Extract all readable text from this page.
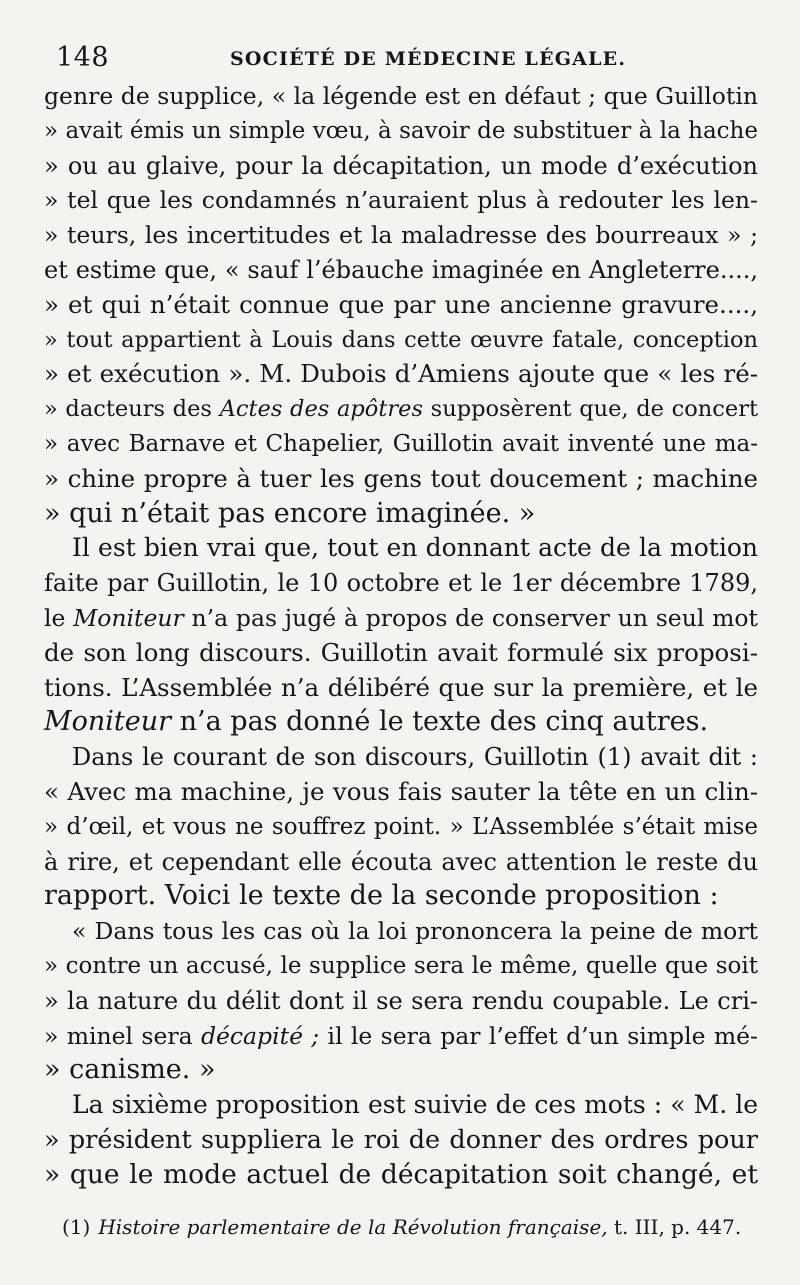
148	SOCIÉTÉ DE MÉDECINE LÉGALE.
genre de supplice, « la légende est en défaut ; que Guillotin
» avait émis un simple vœu, à savoir de substituer à la hache
» ou au glaive, pour la décapitation, un mode d’exécution
» tel que les condamnés n’auraient plus à redouter les len-
» teurs, les incertitudes et la maladresse des bourreaux » ;
et estime que, « sauf l’ébauche imaginée en Angleterre....,
» et qui n’était connue que par une ancienne gravure....,
» tout appartient à Louis dans cette œuvre fatale, conception
» et exécution ». M. Dubois d’Amiens ajoute que « les ré-
» dacteurs des Actes des apôtres supposèrent que, de concert
» avec Barnave et Chapelier, Guillotin avait inventé une ma-
» chine propre à tuer les gens tout doucement ; machine
» qui n’était pas encore imaginée. »
Il est bien vrai que, tout en donnant acte de la motion
faite par Guillotin, le 10 octobre et le 1er décembre 1789,
le Moniteur n’a pas jugé à propos de conserver un seul mot
de son long discours. Guillotin avait formulé six proposi-
tions. L’Assemblée n’a délibéré que sur la première, et le
Moniteur n’a pas donné le texte des cinq autres.
Dans le courant de son discours, Guillotin (1) avait dit :
« Avec ma machine, je vous fais sauter la tête en un clin-
» d’œil, et vous ne souffrez point. » L’Assemblée s’était mise
à rire, et cependant elle écouta avec attention le reste du
rapport. Voici le texte de la seconde proposition :
« Dans tous les cas où la loi prononcera la peine de mort
» contre un accusé, le supplice sera le même, quelle que soit
» la nature du délit dont il se sera rendu coupable. Le cri-
» minel sera décapité ; il le sera par l’effet d’un simple mé-
» canisme. »
La sixième proposition est suivie de ces mots : « M. le
» président suppliera le roi de donner des ordres pour
» que le mode actuel de décapitation soit changé, et
(1) Histoire parlementaire de la Révolution française, t. III, p. 447.
